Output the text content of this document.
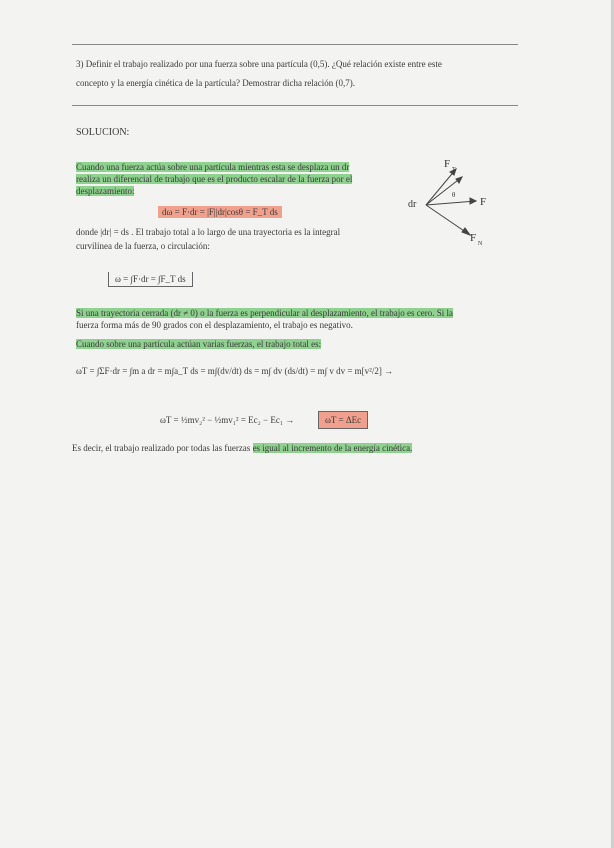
3) Definir el trabajo realizado por una fuerza sobre una partícula (0,5). ¿Qué relación existe entre este
concepto y la energía cinética de la partícula? Demostrar dicha relación (0,7).
SOLUCION:
Cuando una fuerza actúa sobre una partícula mientras esta se desplaza un dr
realiza un diferencial de trabajo que es el producto escalar de la fuerza por el
desplazamiento:
dω = F·dr = |F||dr|cosθ = F_T ds
F T
F
F N
dr
θ
donde |dr| = ds . El trabajo total a lo largo de una trayectoria es la integral
curvilínea de la fuerza, o circulación:
ω = ∫F·dr = ∫F_T ds
Si una trayectoria cerrada (dr ≠ 0) o la fuerza es perpendicular al desplazamiento, el trabajo es cero. Si la
fuerza forma más de 90 grados con el desplazamiento, el trabajo es negativo.
Cuando sobre una partícula actúan varias fuerzas, el trabajo total es:
ωT = ∫ΣF·dr = ∫m a dr = m∫a_T ds = m∫(dv/dt) ds = m∫ dv (ds/dt) = m∫ v dv = m[v²/2] →
ωT = ½mv₂² − ½mv₁² = Ec₂ − Ec₁ →	ωT = ΔEc
Es decir, el trabajo realizado por todas las fuerzas es igual al incremento de la energía cinética.
